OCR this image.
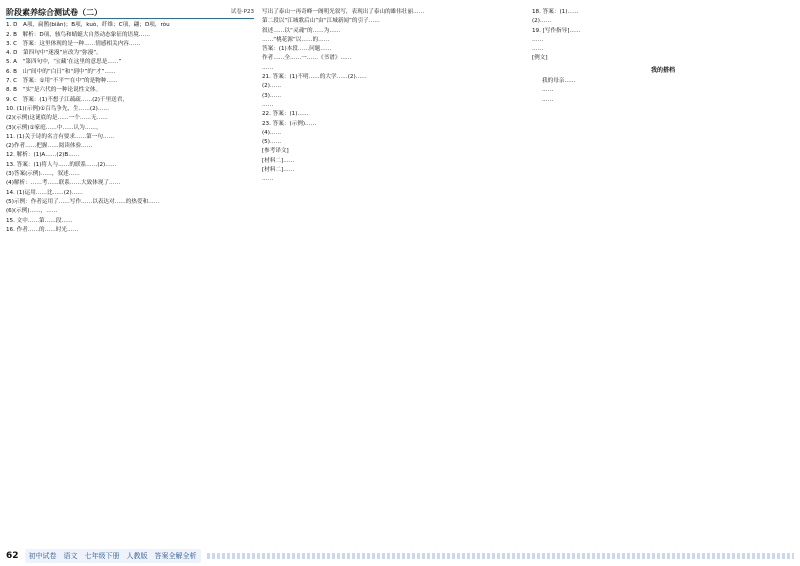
阶段素养综合测试卷（二）	试卷·P23

1. D　A项，扁鹊(biǎn)；B项，kuò，纤维；C项，翩；D项，ròu

2. B　解析：D项，骇鸟和蜻蜓大自然动态象征的语境……

3. C　答案：这里体现的是一种……情感相关内容……

4. D　第四句中“迷漫”应改为“弥漫”。

5. A　“第四句中，‘宝藏’在这里的意思是……”

6. B　山”间中的“白日”和“到中”的“才”……

7. C　答案：①用“不平”“在中”的是物种……

8. B　“实”是六代的一种论说性文体。

9. C　答案：(1)不想子江疏疏……(2)千里送君，

10. (1)(示例)①百鸟争先，生……(2)……

(2)(示例)这谜底的是……一个……无……

(3)(示例)①家庭……中……认为……。

11. (1)关于诗的名言有要求……第一句……

(2)作者……把握……阅读体验……

12. 解析：(1)A……(2)B……

13. 答案：(1)将人与……的联系……(2)……

(3)答案(示例)……，叙述……

(4)解析：……考……联系……大致体现了……

14. (1)运用……比……(2)……

(5)示例：作者运用了……写作……以表达对……的热爱和……

(6)(示例)……，……

15. 文中……第……段……

16. 作者……的……时光……

写出了泰山一再奇峰一阁明光叙写，表现出了泰山的雄伟壮丽……

第二段以“江城歌后山”由“江城新闻”的引子……

叙述……以“灵魂”的……为……

……“桃花源”以……的……

答案：(1)本段……问题……

作者……全……一……《书谱》……

……

21. 答案：(1)不明……的大学……(2)……

(2)……

(3)……

……

22. 答案：(1)……

23. 答案：(示例)……

(4)……

(5)……

[参考译文]

[材料二]……

[材料二]……

……

18. 答案：(1)……

(2)……

19. [写作指导]……

……

……

[例文]

我的搭档

我的母亲……

……

……

62	初中试卷　语文　七年级下册　人教版　答案全解全析
